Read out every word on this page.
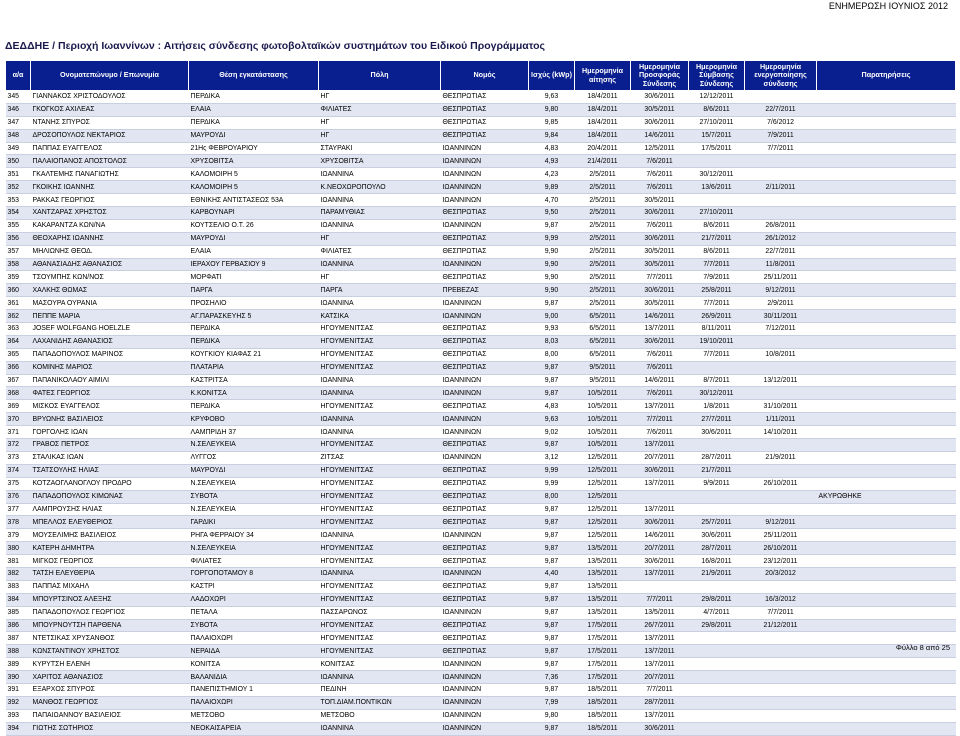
ΕΝΗΜΕΡΩΣΗ ΙΟΥΝΙΟΣ 2012
ΔΕΔΔΗΕ / Περιοχή Ιωαννίνων : Αιτήσεις σύνδεσης φωτοβολταϊκών συστημάτων του Ειδικού Προγράμματος
α/α	Ονοματεπώνυμο / Επωνυμία	Θέση εγκατάστασης	Πόλη	Νομός	Ισχύς (kWp)	Ημερομηνία αίτησης	Ημερομηνία Προσφοράς Σύνδεσης	Ημερομηνία Σύμβασης Σύνδεσης	Ημερομηνία ενεργοποίησης σύνδεσης	Παρατηρήσεις
345	ΓΙΑΝΝΑΚΟΣ ΧΡΙΣΤΟΔΟΥΛΟΣ	ΠΕΡΔΙΚΑ	ΗΓ	ΘΕΣΠΡΩΤΙΑΣ	9,63	18/4/2011	30/6/2011	12/12/2011		
346	ΓΚΟΓΚΟΣ ΑΧΙΛΕΑΣ	ΕΛΑΙΑ	ΦΙΛΙΑΤΕΣ	ΘΕΣΠΡΩΤΙΑΣ	9,80	18/4/2011	30/5/2011	8/6/2011	22/7/2011	
347	ΝΤΑΝΗΣ ΣΠΥΡΟΣ	ΠΕΡΔΙΚΑ	ΗΓ	ΘΕΣΠΡΩΤΙΑΣ	9,85	18/4/2011	30/6/2011	27/10/2011	7/6/2012	
348	ΔΡΟΣΟΠΟΥΛΟΣ ΝΕΚΤΑΡΙΟΣ	ΜΑΥΡΟΥΔΙ	ΗΓ	ΘΕΣΠΡΩΤΙΑΣ	9,84	18/4/2011	14/6/2011	15/7/2011	7/9/2011	
349	ΠΑΠΠΑΣ ΕΥΑΓΓΕΛΟΣ	21Ης ΦΕΒΡΟΥΑΡΙΟΥ	ΣΤΑΥΡΑΚΙ	ΙΩΑΝΝΙΝΩΝ	4,83	20/4/2011	12/5/2011	17/5/2011	7/7/2011	
350	ΠΑΛΑΙΟΠΑΝΟΣ ΑΠΟΣΤΟΛΟΣ	ΧΡΥΣΟΒΙΤΣΑ	ΧΡΥΣΟΒΙΤΣΑ	ΙΩΑΝΝΙΝΩΝ	4,93	21/4/2011	7/6/2011			
351	ΓΚΑΛΤΕΜΗΣ ΠΑΝΑΓΙΩΤΗΣ	ΚΑΛΟΜΟΙΡΗ 5	ΙΩΑΝΝΙΝΑ	ΙΩΑΝΝΙΝΩΝ	4,23	2/5/2011	7/6/2011	30/12/2011		
352	ΓΚΟΙΚΗΣ ΙΩΑΝΝΗΣ	ΚΑΛΟΜΟΙΡΗ 5	Κ.ΝΕΟΧΩΡΟΠΟΥΛΟ	ΙΩΑΝΝΙΝΩΝ	9,89	2/5/2011	7/6/2011	13/6/2011	2/11/2011	
353	ΡΑΚΚΑΣ ΓΕΩΡΓΙΟΣ	ΕΘΝΙΚΗΣ ΑΝΤΙΣΤΑΣΕΩΣ 53Α	ΙΩΑΝΝΙΝΑ	ΙΩΑΝΝΙΝΩΝ	4,70	2/5/2011	30/5/2011			
354	ΧΑΝΤΖΑΡΑΣ ΧΡΗΣΤΟΣ	ΚΑΡΒΟΥΝΑΡΙ	ΠΑΡΑΜΥΘΙΑΣ	ΘΕΣΠΡΩΤΙΑΣ	9,50	2/5/2011	30/6/2011	27/10/2011		
355	ΚΑΚΑΡΑΝΤΖΑ ΚΩΝ/ΝΑ	ΚΟΥΤΣΕΛΙΟ Ο.Τ. 26	ΙΩΑΝΝΙΝΑ	ΙΩΑΝΝΙΝΩΝ	9,87	2/5/2011	7/6/2011	8/6/2011	26/8/2011	
356	ΘΕΟΧΑΡΗΣ ΙΩΑΝΝΗΣ	ΜΑΥΡΟΥΔΙ	ΗΓ	ΘΕΣΠΡΩΤΙΑΣ	9,99	2/5/2011	30/6/2011	21/7/2011	26/1/2012	
357	ΜΗΛΙΩΝΗΣ ΘΕΟΔ.	ΕΛΑΙΑ	ΦΙΛΙΑΤΕΣ	ΘΕΣΠΡΩΤΙΑΣ	9,90	2/5/2011	30/5/2011	8/6/2011	22/7/2011	
358	ΑΘΑΝΑΣΙΑΔΗΣ ΑΘΑΝΑΣΙΟΣ	ΙΕΡΑΧΟΥ ΓΕΡΒΑΣΙΟΥ 9	ΙΩΑΝΝΙΝΑ	ΙΩΑΝΝΙΝΩΝ	9,90	2/5/2011	30/5/2011	7/7/2011	11/8/2011	
359	ΤΣΟΥΜΠΗΣ ΚΩΝ/ΝΟΣ	ΜΟΡΦΑΤΙ	ΗΓ	ΘΕΣΠΡΩΤΙΑΣ	9,90	2/5/2011	7/7/2011	7/9/2011	25/11/2011	
360	ΧΑΛΚΗΣ ΘΩΜΑΣ	ΠΑΡΓΑ	ΠΑΡΓΑ	ΠΡΕΒΕΖΑΣ	9,90	2/5/2011	30/6/2011	25/8/2011	9/12/2011	
361	ΜΑΣΟΥΡΑ ΟΥΡΑΝΙΑ	ΠΡΟΣΗΛΙΟ	ΙΩΑΝΝΙΝΑ	ΙΩΑΝΝΙΝΩΝ	9,87	2/5/2011	30/5/2011	7/7/2011	2/9/2011	
362	ΠΕΠΠΕ ΜΑΡΙΑ	ΑΓ.ΠΑΡΑΣΚΕΥΗΣ 5	ΚΑΤΣΙΚΑ	ΙΩΑΝΝΙΝΩΝ	9,00	6/5/2011	14/6/2011	26/9/2011	30/11/2011	
363	JOSEF WOLFGANG HOELZLE	ΠΕΡΔΙΚΑ	ΗΓΟΥΜΕΝΙΤΣΑΣ	ΘΕΣΠΡΩΤΙΑΣ	9,93	6/5/2011	13/7/2011	8/11/2011	7/12/2011	
364	ΛΑΧΑΝΙΔΗΣ ΑΘΑΝΑΣΙΟΣ	ΠΕΡΔΙΚΑ	ΗΓΟΥΜΕΝΙΤΣΑΣ	ΘΕΣΠΡΩΤΙΑΣ	8,03	6/5/2011	30/6/2011	19/10/2011		
365	ΠΑΠΑΔΟΠΟΥΛΟΣ ΜΑΡΙΝΟΣ	ΚΟΥΓΚΙΟΥ ΚΙΑΦΑΣ 21	ΗΓΟΥΜΕΝΙΤΣΑΣ	ΘΕΣΠΡΩΤΙΑΣ	8,00	6/5/2011	7/6/2011	7/7/2011	10/8/2011	
366	ΚΟΜΙΝΗΣ ΜΑΡΙΟΣ	ΠΛΑΤΑΡΙΑ	ΗΓΟΥΜΕΝΙΤΣΑΣ	ΘΕΣΠΡΩΤΙΑΣ	9,87	9/5/2011	7/6/2011			
367	ΠΑΠΑΝΙΚΟΛΑΟΥ ΑΙΜΙΛΙ	ΚΑΣΤΡΙΤΣΑ	ΙΩΑΝΝΙΝΑ	ΙΩΑΝΝΙΝΩΝ	9,87	9/5/2011	14/6/2011	8/7/2011	13/12/2011	
368	ΦΑΤΕΣ ΓΕΩΡΓΙΟΣ	Κ.ΚΟΝΙΤΣΑ	ΙΩΑΝΝΙΝΑ	ΙΩΑΝΝΙΝΩΝ	9,87	10/5/2011	7/6/2011	30/12/2011		
369	ΜΙΣΚΟΣ ΕΥΑΓΓΕΛΟΣ	ΠΕΡΔΙΚΑ	ΗΓΟΥΜΕΝΙΤΣΑΣ	ΘΕΣΠΡΩΤΙΑΣ	4,83	10/5/2011	13/7/2011	1/8/2011	31/10/2011	
370	ΒΡΥΩΝΗΣ ΒΑΣΙΛΕΙΟΣ	ΚΡΥΦΟΒΟ	ΙΩΑΝΝΙΝΑ	ΙΩΑΝΝΙΝΩΝ	9,63	10/5/2011	7/7/2011	27/7/2011	1/11/2011	
371	ΓΟΡΓΟΛΗΣ ΙΩΑΝ	ΛΑΜΠΡΙΔΗ 37	ΙΩΑΝΝΙΝΑ	ΙΩΑΝΝΙΝΩΝ	9,02	10/5/2011	7/6/2011	30/6/2011	14/10/2011	
372	ΓΡΑΒΟΣ ΠΕΤΡΟΣ	Ν.ΣΕΛΕΥΚΕΙΑ	ΗΓΟΥΜΕΝΙΤΣΑΣ	ΘΕΣΠΡΩΤΙΑΣ	9,87	10/5/2011	13/7/2011			
373	ΣΤΑΛΙΚΑΣ ΙΩΑΝ	ΛΥΓΓΟΣ	ΖΙΤΣΑΣ	ΙΩΑΝΝΙΝΩΝ	3,12	12/5/2011	20/7/2011	28/7/2011	21/9/2011	
374	ΤΣΑΤΣΟΥΛΗΣ ΗΛΙΑΣ	ΜΑΥΡΟΥΔΙ	ΗΓΟΥΜΕΝΙΤΣΑΣ	ΘΕΣΠΡΩΤΙΑΣ	9,99	12/5/2011	30/6/2011	21/7/2011		
375	ΚΟΤΖΑΟΓΛΑΝΟΓΛΟΥ ΠΡΟΔΡΟ	Ν.ΣΕΛΕΥΚΕΙΑ	ΗΓΟΥΜΕΝΙΤΣΑΣ	ΘΕΣΠΡΩΤΙΑΣ	9,99	12/5/2011	13/7/2011	9/9/2011	26/10/2011	
376	ΠΑΠΑΔΟΠΟΥΛΟΣ ΚΙΜΩΝΑΣ	ΣΥΒΟΤΑ	ΗΓΟΥΜΕΝΙΤΣΑΣ	ΘΕΣΠΡΩΤΙΑΣ	8,00	12/5/2011				ΑΚΥΡΩΘΗΚΕ
377	ΛΑΜΠΡΟΥΣΗΣ ΗΛΙΑΣ	Ν.ΣΕΛΕΥΚΕΙΑ	ΗΓΟΥΜΕΝΙΤΣΑΣ	ΘΕΣΠΡΩΤΙΑΣ	9,87	12/5/2011	13/7/2011			
378	ΜΠΕΛΛΟΣ ΕΛΕΥΘΕΡΙΟΣ	ΓΑΡΔΙΚΙ	ΗΓΟΥΜΕΝΙΤΣΑΣ	ΘΕΣΠΡΩΤΙΑΣ	9,87	12/5/2011	30/6/2011	25/7/2011	9/12/2011	
379	ΜΟΥΣΕΛΙΜΗΣ ΒΑΣΙΛΕΙΟΣ	ΡΗΓΑ ΦΕΡΡΑΙΟΥ 34	ΙΩΑΝΝΙΝΑ	ΙΩΑΝΝΙΝΩΝ	9,87	12/5/2011	14/6/2011	30/6/2011	25/11/2011	
380	ΚΑΤΕΡΗ ΔΗΜΗΤΡΑ	Ν.ΣΕΛΕΥΚΕΙΑ	ΗΓΟΥΜΕΝΙΤΣΑΣ	ΘΕΣΠΡΩΤΙΑΣ	9,87	13/5/2011	20/7/2011	28/7/2011	26/10/2011	
381	ΜΙΓΚΟΣ ΓΕΩΡΓΙΟΣ	ΦΙΛΙΑΤΕΣ	ΗΓΟΥΜΕΝΙΤΣΑΣ	ΘΕΣΠΡΩΤΙΑΣ	9,87	13/5/2011	30/6/2011	16/8/2011	23/12/2011	
382	ΤΑΤΣΗ ΕΛΕΥΘΕΡΙΑ	ΓΟΡΓΟΠΟΤΑΜΟΥ 8	ΙΩΑΝΝΙΝΑ	ΙΩΑΝΝΙΝΩΝ	4,40	13/5/2011	13/7/2011	21/9/2011	20/3/2012	
383	ΠΑΠΠΑΣ ΜΙΧΑΗΛ	ΚΑΣΤΡΙ	ΗΓΟΥΜΕΝΙΤΣΑΣ	ΘΕΣΠΡΩΤΙΑΣ	9,87	13/5/2011				
384	ΜΠΟΥΡΤΣΙΝΟΣ ΑΛΕΞΗΣ	ΛΑΔΟΧΩΡΙ	ΗΓΟΥΜΕΝΙΤΣΑΣ	ΘΕΣΠΡΩΤΙΑΣ	9,87	13/5/2011	7/7/2011	29/8/2011	16/3/2012	
385	ΠΑΠΑΔΟΠΟΥΛΟΣ ΓΕΩΡΓΙΟΣ	ΠΕΤΑΛΑ	ΠΑΣΣΑΡΩΝΟΣ	ΙΩΑΝΝΙΝΩΝ	9,87	13/5/2011	13/5/2011	4/7/2011	7/7/2011	
386	ΜΠΟΥΡΝΟΥΤΣΗ ΠΑΡΘΕΝΑ	ΣΥΒΟΤΑ	ΗΓΟΥΜΕΝΙΤΣΑΣ	ΘΕΣΠΡΩΤΙΑΣ	9,87	17/5/2011	26/7/2011	29/8/2011	21/12/2011	
387	ΝΤΕΤΣΙΚΑΣ ΧΡΥΣΑΝΘΟΣ	ΠΑΛΑΙΟΧΩΡΙ	ΗΓΟΥΜΕΝΙΤΣΑΣ	ΘΕΣΠΡΩΤΙΑΣ	9,87	17/5/2011	13/7/2011			
388	ΚΩΝΣΤΑΝΤΙΝΟΥ ΧΡΗΣΤΟΣ	ΝΕΡΑΙΔΑ	ΗΓΟΥΜΕΝΙΤΣΑΣ	ΘΕΣΠΡΩΤΙΑΣ	9,87	17/5/2011	13/7/2011			
389	ΚΥΡΥΤΣΗ ΕΛΕΝΗ	ΚΟΝΙΤΣΑ	ΚΟΝΙΤΣΑΣ	ΙΩΑΝΝΙΝΩΝ	9,87	17/5/2011	13/7/2011			
390	ΧΑΡΙΤΟΣ ΑΘΑΝΑΣΙΟΣ	ΒΑΛΑΝΙΔΙΑ	ΙΩΑΝΝΙΝΑ	ΙΩΑΝΝΙΝΩΝ	7,36	17/5/2011	20/7/2011			
391	ΕΞΑΡΧΟΣ ΣΠΥΡΟΣ	ΠΑΝΕΠΙΣΤΗΜΙΟΥ 1	ΠΕΔΙΝΗ	ΙΩΑΝΝΙΝΩΝ	9,87	18/5/2011	7/7/2011			
392	ΜΑΝΘΟΣ ΓΕΩΡΓΙΟΣ	ΠΑΛΑΙΟΧΩΡΙ	ΤΟΠ.ΔΙΑΜ.ΠΟΝΤΙΚΩΝ	ΙΩΑΝΝΙΝΩΝ	7,99	18/5/2011	28/7/2011			
393	ΠΑΠΑΙΩΑΝΝΟΥ ΒΑΣΙΛΕΙΟΣ	ΜΕΤΣΟΒΟ	ΜΕΤΣΟΒΟ	ΙΩΑΝΝΙΝΩΝ	9,80	18/5/2011	13/7/2011			
394	ΓΙΩΤΗΣ ΣΩΤΗΡΙΟΣ	ΝΕΟΚΑΙΣΑΡΕΙΑ	ΙΩΑΝΝΙΝΑ	ΙΩΑΝΝΙΝΩΝ	9,87	18/5/2011	30/6/2011			
Φύλλο 8 από 25
